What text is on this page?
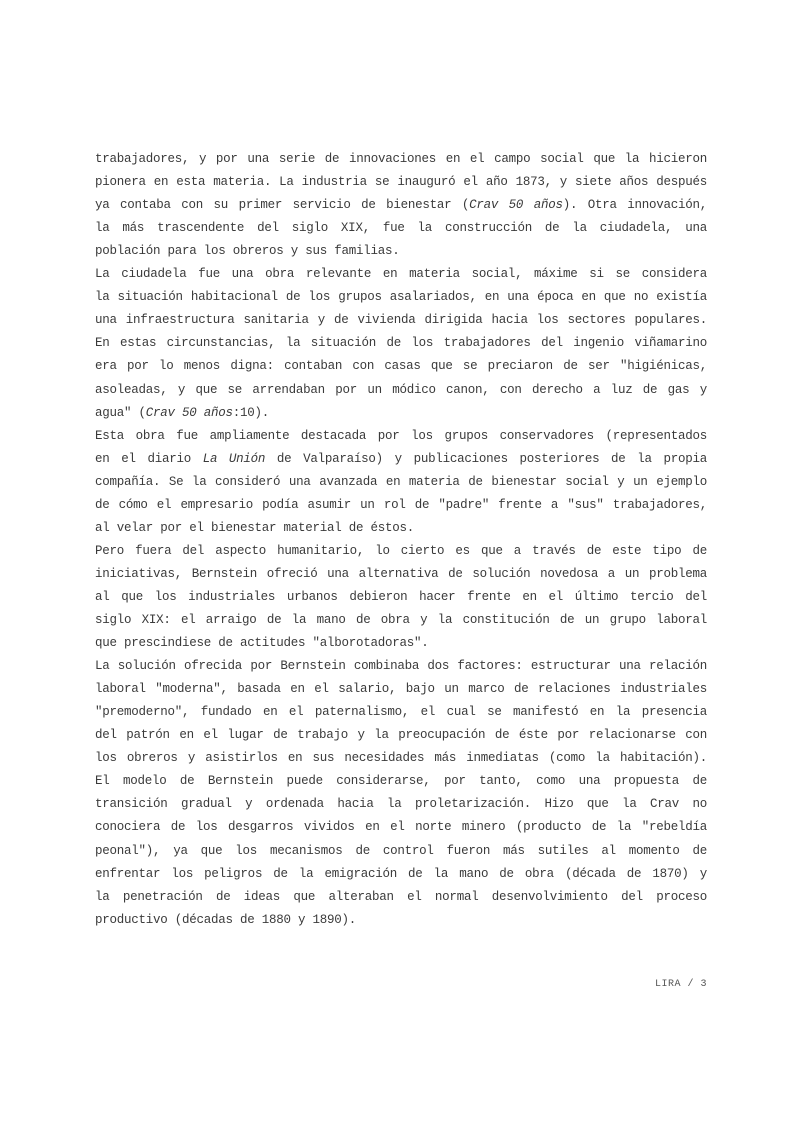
trabajadores, y por una serie de innovaciones en el campo social que la hicieron
pionera en esta materia. La industria se inauguró el año 1873, y siete años después
ya contaba con su primer servicio de bienestar (Crav 50 años). Otra innovación,
la más trascendente del siglo XIX, fue la construcción de la ciudadela, una
población para los obreros y sus familias.
La ciudadela fue una obra relevante en materia social, máxime si se considera
la situación habitacional de los grupos asalariados, en una época en que no existía
una infraestructura sanitaria y de vivienda dirigida hacia los sectores populares.
En estas circunstancias, la situación de los trabajadores del ingenio viñamarino
era por lo menos digna: contaban con casas que se preciaron de ser "higiénicas,
asoleadas, y que se arrendaban por un módico canon, con derecho a luz de gas y
agua" (Crav 50 años:10).
Esta obra fue ampliamente destacada por los grupos conservadores (representados
en el diario La Unión de Valparaíso) y publicaciones posteriores de la propia
compañía. Se la consideró una avanzada en materia de bienestar social y un ejemplo
de cómo el empresario podía asumir un rol de "padre" frente a "sus" trabajadores,
al velar por el bienestar material de éstos.
Pero fuera del aspecto humanitario, lo cierto es que a través de este tipo de
iniciativas, Bernstein ofreció una alternativa de solución novedosa a un problema
al que los industriales urbanos debieron hacer frente en el último tercio del
siglo XIX: el arraigo de la mano de obra y la constitución de un grupo laboral
que prescindiese de actitudes "alborotadoras".
La solución ofrecida por Bernstein combinaba dos factores: estructurar una relación
laboral "moderna", basada en el salario, bajo un marco de relaciones industriales
"premoderno", fundado en el paternalismo, el cual se manifestó en la presencia
del patrón en el lugar de trabajo y la preocupación de éste por relacionarse con
los obreros y asistirlos en sus necesidades más inmediatas (como la habitación).
El modelo de Bernstein puede considerarse, por tanto, como una propuesta de
transición gradual y ordenada hacia la proletarización. Hizo que la Crav no
conociera de los desgarros vividos en el norte minero (producto de la "rebeldía
peonal"), ya que los mecanismos de control fueron más sutiles al momento de
enfrentar los peligros de la emigración de la mano de obra (década de 1870) y
la penetración de ideas que alteraban el normal desenvolvimiento del proceso
productivo (décadas de 1880 y 1890).
LIRA / 3
